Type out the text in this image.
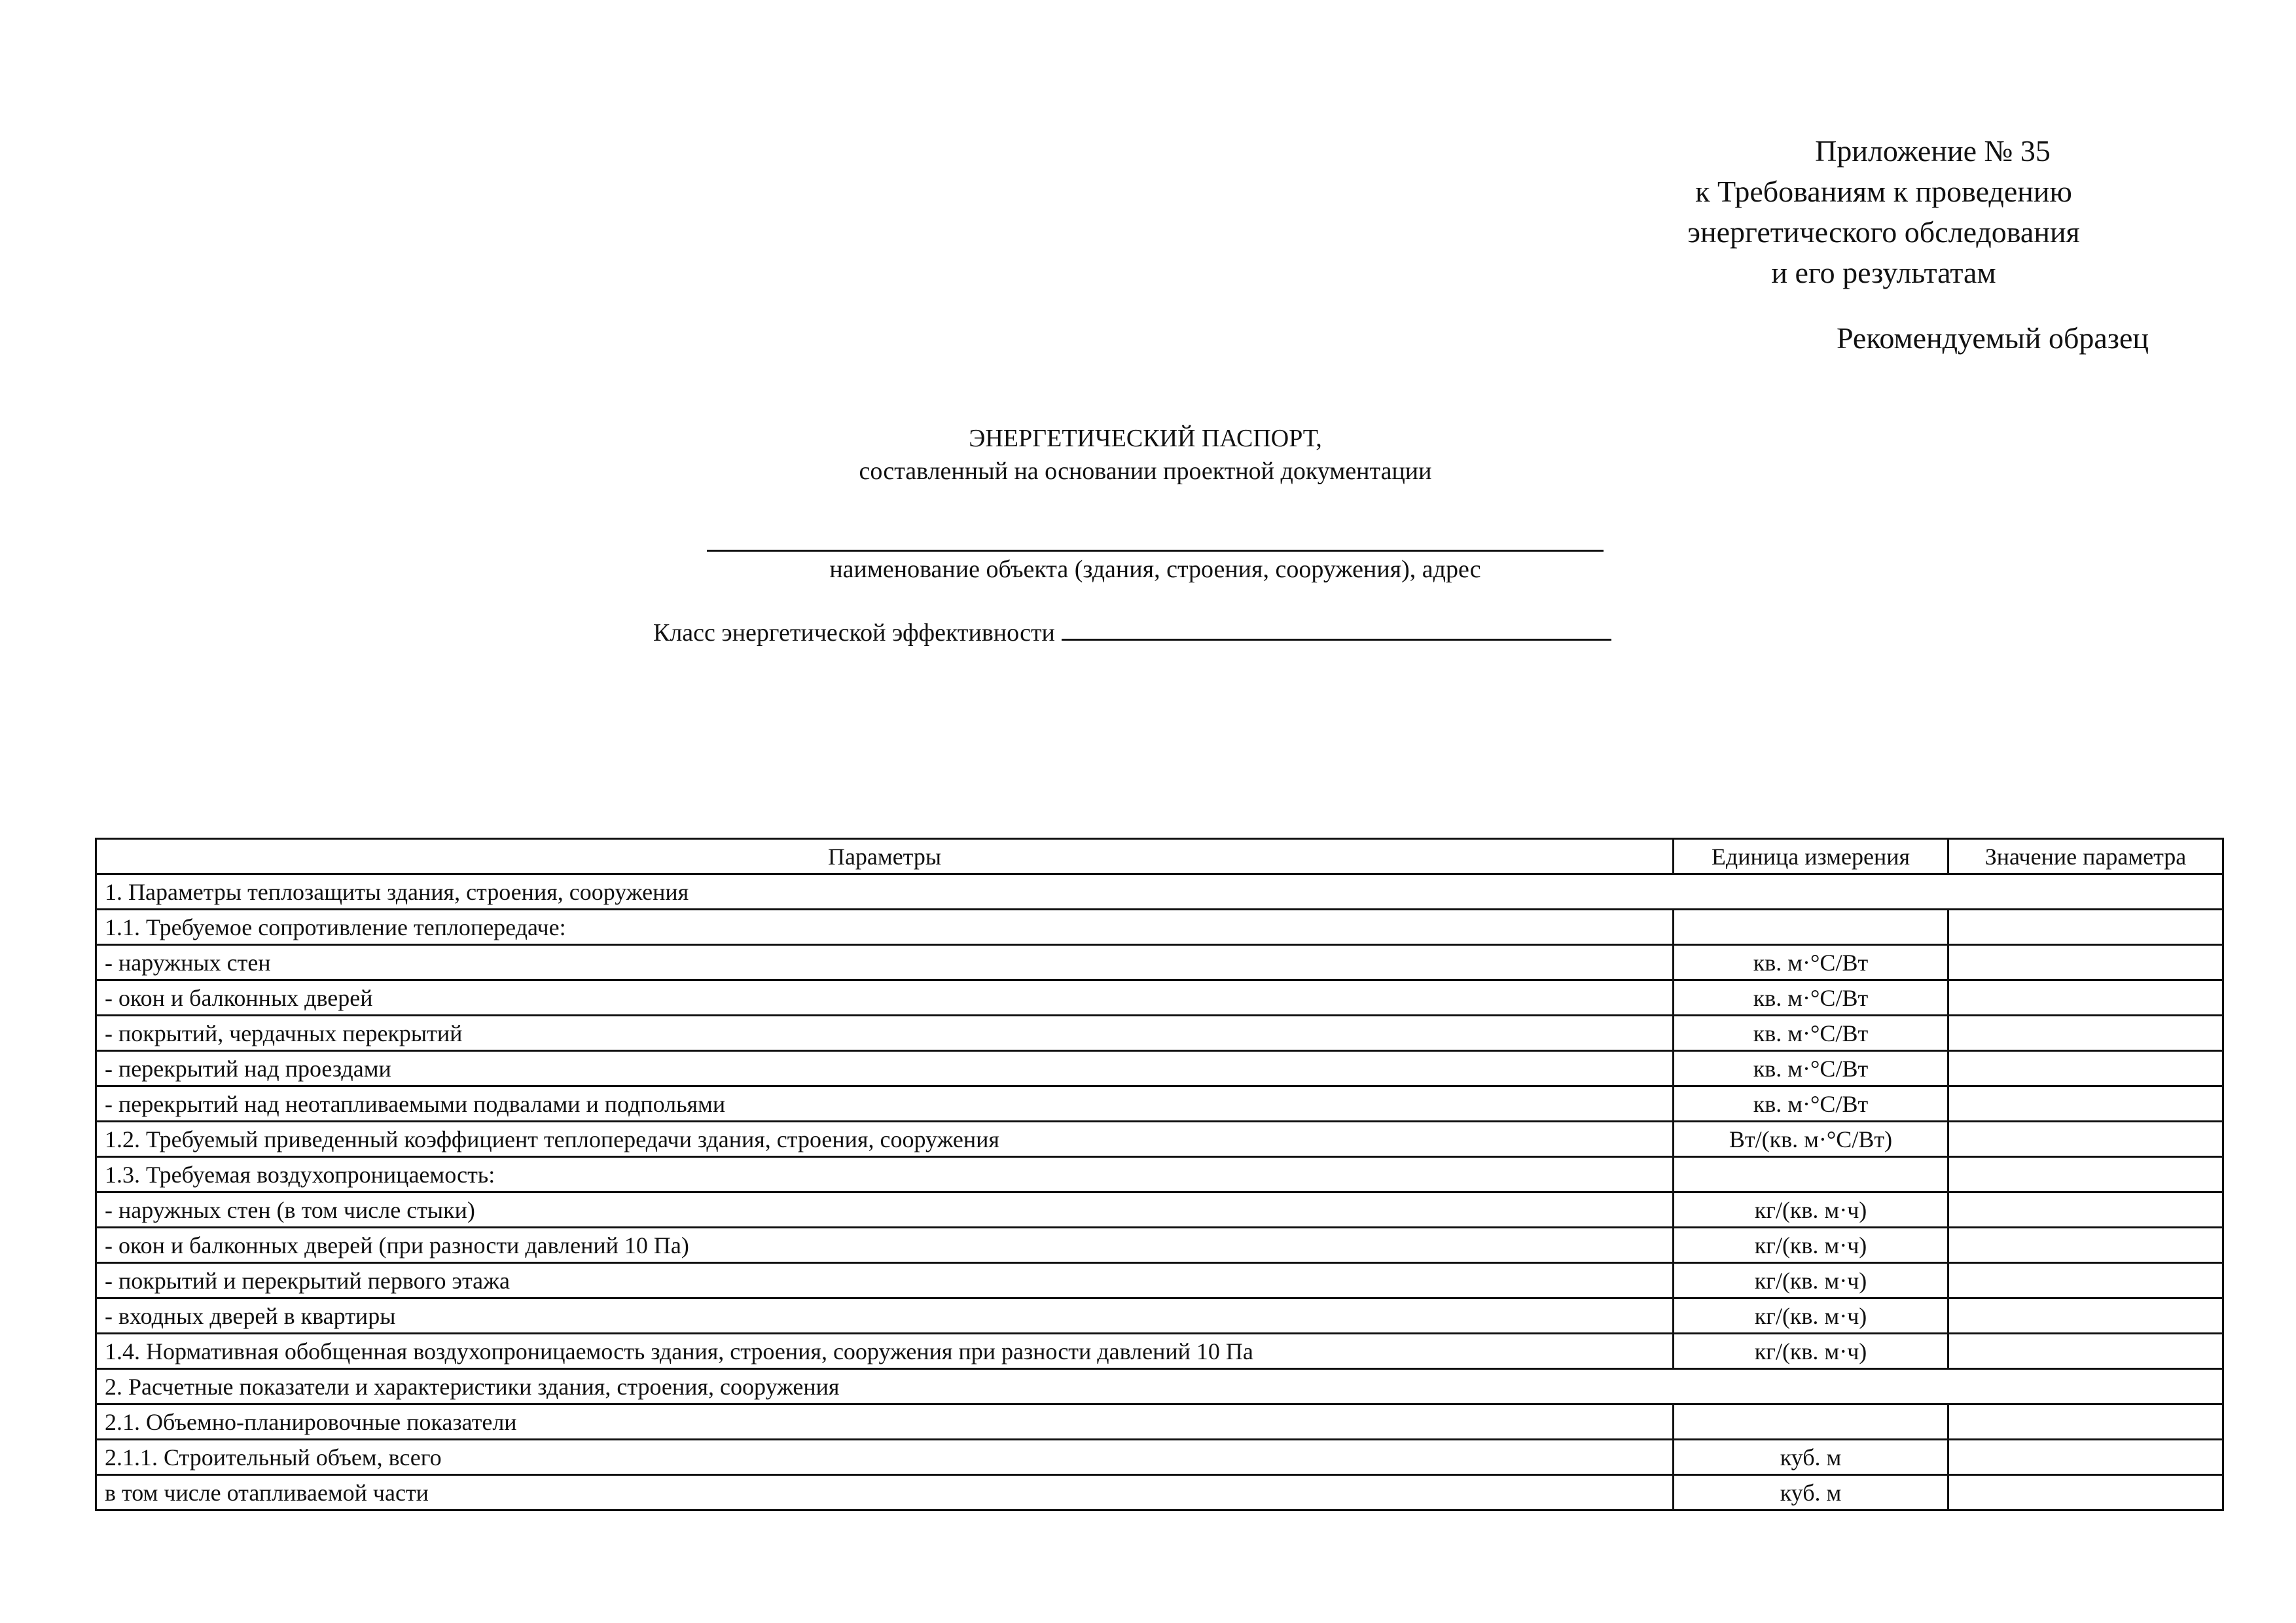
Приложение № 35
к Требованиям к проведению
энергетического обследования
и его результатам
Рекомендуемый образец
ЭНЕРГЕТИЧЕСКИЙ ПАСПОРТ,
составленный на основании проектной документации
наименование объекта (здания, строения, сооружения), адрес
Класс энергетической эффективности
Параметры	Единица измерения	Значение параметра
1. Параметры теплозащиты здания, строения, сооружения		
1.1. Требуемое сопротивление теплопередаче:		
- наружных стен	кв. м·°С/Вт	
- окон и балконных дверей	кв. м·°С/Вт	
- покрытий, чердачных перекрытий	кв. м·°С/Вт	
- перекрытий над проездами	кв. м·°С/Вт	
- перекрытий над неотапливаемыми подвалами и подпольями	кв. м·°С/Вт	
1.2. Требуемый приведенный коэффициент теплопередачи здания, строения, сооружения	Вт/(кв. м·°С/Вт)	
1.3. Требуемая воздухопроницаемость:		
- наружных стен (в том числе стыки)	кг/(кв. м·ч)	
- окон и балконных дверей (при разности давлений 10 Па)	кг/(кв. м·ч)	
- покрытий и перекрытий первого этажа	кг/(кв. м·ч)	
- входных дверей в квартиры	кг/(кв. м·ч)	
1.4. Нормативная обобщенная воздухопроницаемость здания, строения, сооружения при разности давлений 10 Па	кг/(кв. м·ч)	
2. Расчетные показатели и характеристики здания, строения, сооружения		
2.1. Объемно-планировочные показатели		
2.1.1. Строительный объем, всего	куб. м	
в том числе отапливаемой части	куб. м	
